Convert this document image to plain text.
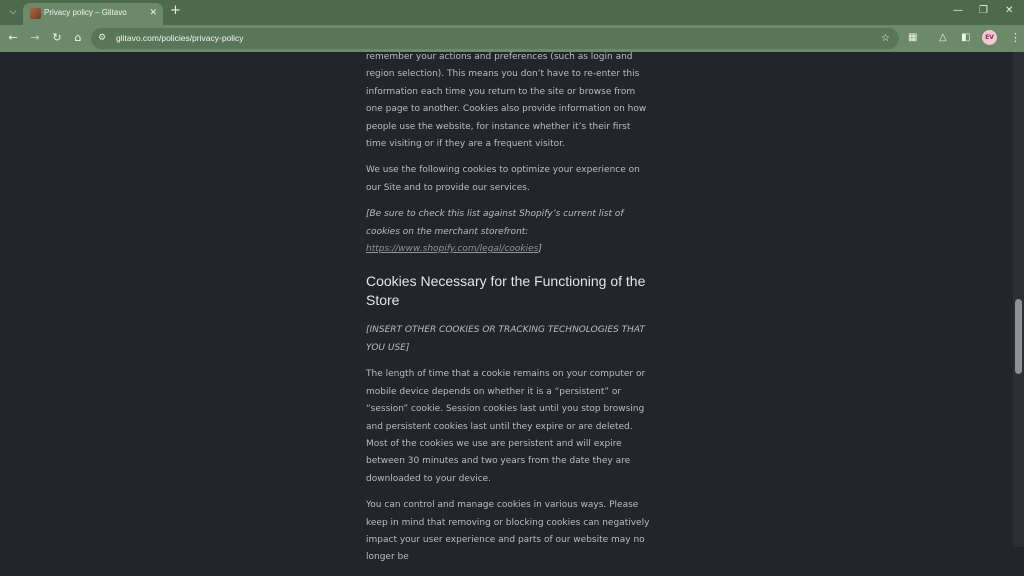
⌵	Privacy policy – Glitavo	✕ +	— ❐ ✕
← → ↻	⌂	⚙ glitavo.com/policies/privacy-policy	☆ ▦ △ ◧	EV ⋮

remember your actions and preferences (such as login and region selection). This means you don’t have to re-enter this information each time you return to the site or browse from one page to another. Cookies also provide information on how people use the website, for instance whether it’s their first time visiting or if they are a frequent visitor.

We use the following cookies to optimize your experience on our Site and to provide our services.

[Be sure to check this list against Shopify’s current list of cookies on the merchant storefront: https://www.shopify.com/legal/cookies]

Cookies Necessary for the Functioning of the Store

[INSERT OTHER COOKIES OR TRACKING TECHNOLOGIES THAT YOU USE]

The length of time that a cookie remains on your computer or mobile device depends on whether it is a “persistent” or “session” cookie. Session cookies last until you stop browsing and persistent cookies last until they expire or are deleted. Most of the cookies we use are persistent and will expire between 30 minutes and two years from the date they are downloaded to your device.

You can control and manage cookies in various ways. Please keep in mind that removing or blocking cookies can negatively impact your user experience and parts of our website may no longer be
